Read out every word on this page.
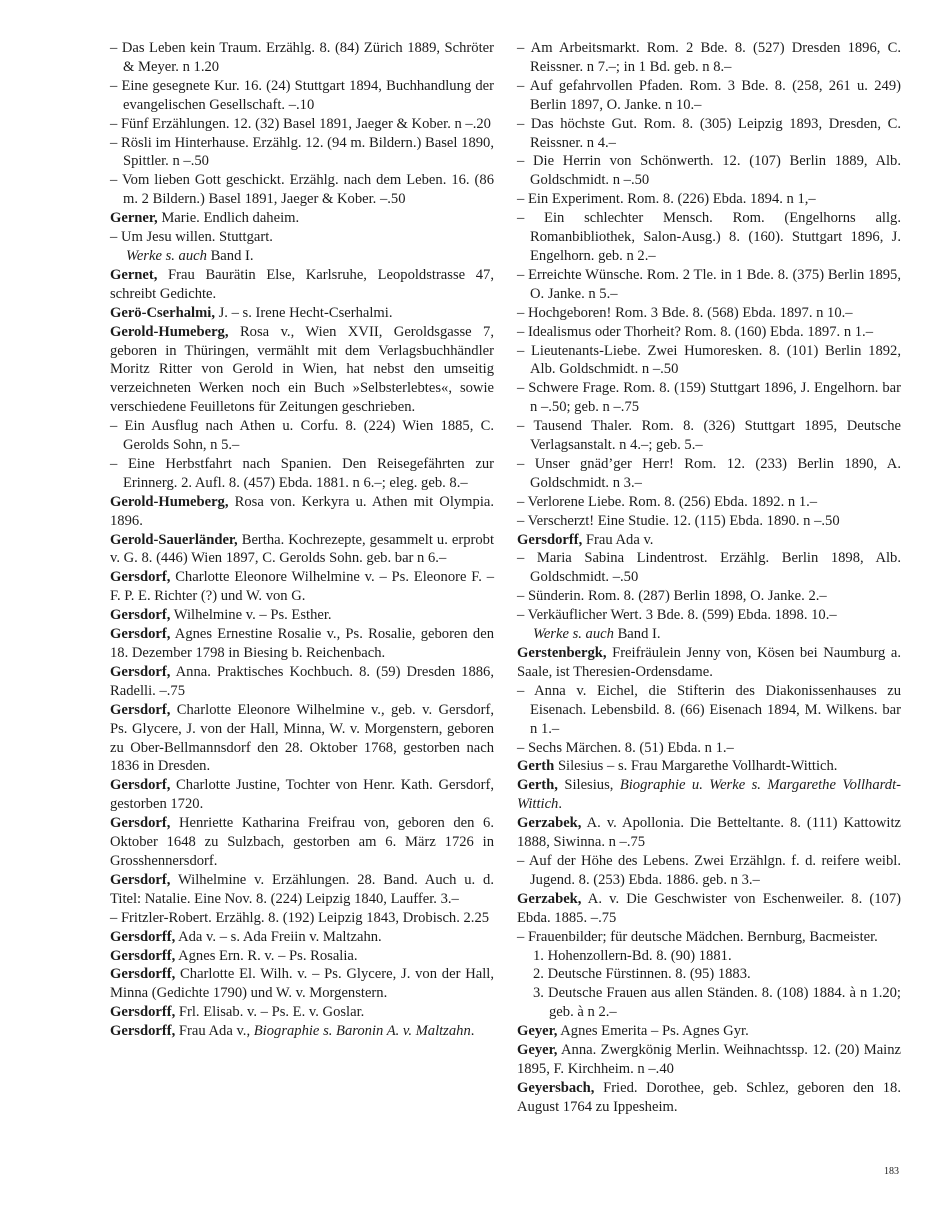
– Das Leben kein Traum. Erzählg. 8. (84) Zürich 1889, Schröter & Meyer. n 1.20

– Eine gesegnete Kur. 16. (24) Stuttgart 1894, Buchhandlung der evangelischen Gesellschaft. –.10

– Fünf Erzählungen. 12. (32) Basel 1891, Jaeger & Kober. n –.20

– Rösli im Hinterhause. Erzählg. 12. (94 m. Bildern.) Basel 1890, Spittler. n –.50

– Vom lieben Gott geschickt. Erzählg. nach dem Leben. 16. (86 m. 2 Bildern.) Basel 1891, Jaeger & Kober. –.50

Gerner, Marie. Endlich daheim.

– Um Jesu willen. Stuttgart.

Werke s. auch Band I.

Gernet, Frau Baurätin Else, Karlsruhe, Leopoldstrasse 47, schreibt Gedichte.

Gerö-Cserhalmi, J. – s. Irene Hecht-Cserhalmi.

Gerold-Humeberg, Rosa v., Wien XVII, Geroldsgasse 7, geboren in Thüringen, vermählt mit dem Verlagsbuchhändler Moritz Ritter von Gerold in Wien, hat nebst den umseitig verzeichneten Werken noch ein Buch »Selbsterlebtes«, sowie verschiedene Feuilletons für Zeitungen geschrieben.

– Ein Ausflug nach Athen u. Corfu. 8. (224) Wien 1885, C. Gerolds Sohn, n 5.–

– Eine Herbstfahrt nach Spanien. Den Reisegefährten zur Erinnerg. 2. Aufl. 8. (457) Ebda. 1881. n 6.–; eleg. geb. 8.–

Gerold-Humeberg, Rosa von. Kerkyra u. Athen mit Olympia. 1896.

Gerold-Sauerländer, Bertha. Kochrezepte, gesammelt u. erprobt v. G. 8. (446) Wien 1897, C. Gerolds Sohn. geb. bar n 6.–

Gersdorf, Charlotte Eleonore Wilhelmine v. – Ps. Eleonore F. – F. P. E. Richter (?) und W. von G.

Gersdorf, Wilhelmine v. – Ps. Esther.

Gersdorf, Agnes Ernestine Rosalie v., Ps. Rosalie, geboren den 18. Dezember 1798 in Biesing b. Reichenbach.

Gersdorf, Anna. Praktisches Kochbuch. 8. (59) Dresden 1886, Radelli. –.75

Gersdorf, Charlotte Eleonore Wilhelmine v., geb. v. Gersdorf, Ps. Glycere, J. von der Hall, Minna, W. v. Morgenstern, geboren zu Ober-Bellmannsdorf den 28. Oktober 1768, gestorben nach 1836 in Dresden.

Gersdorf, Charlotte Justine, Tochter von Henr. Kath. Gersdorf, gestorben 1720.

Gersdorf, Henriette Katharina Freifrau von, geboren den 6. Oktober 1648 zu Sulzbach, gestorben am 6. März 1726 in Grosshennersdorf.

Gersdorf, Wilhelmine v. Erzählungen. 28. Band. Auch u. d. Titel: Natalie. Eine Nov. 8. (224) Leipzig 1840, Lauffer. 3.–

– Fritzler-Robert. Erzählg. 8. (192) Leipzig 1843, Drobisch. 2.25

Gersdorff, Ada v. – s. Ada Freiin v. Maltzahn.

Gersdorff, Agnes Ern. R. v. – Ps. Rosalia.

Gersdorff, Charlotte El. Wilh. v. – Ps. Glycere, J. von der Hall, Minna (Gedichte 1790) und W. v. Morgenstern.

Gersdorff, Frl. Elisab. v. – Ps. E. v. Goslar.

Gersdorff, Frau Ada v., Biographie s. Baronin A. v. Maltzahn.

– Am Arbeitsmarkt. Rom. 2 Bde. 8. (527) Dresden 1896, C. Reissner. n 7.–; in 1 Bd. geb. n 8.–

– Auf gefahrvollen Pfaden. Rom. 3 Bde. 8. (258, 261 u. 249) Berlin 1897, O. Janke. n 10.–

– Das höchste Gut. Rom. 8. (305) Leipzig 1893, Dresden, C. Reissner. n 4.–

– Die Herrin von Schönwerth. 12. (107) Berlin 1889, Alb. Goldschmidt. n –.50

– Ein Experiment. Rom. 8. (226) Ebda. 1894. n 1,–

– Ein schlechter Mensch. Rom. (Engelhorns allg. Romanbibliothek, Salon-Ausg.) 8. (160). Stuttgart 1896, J. Engelhorn. geb. n 2.–

– Erreichte Wünsche. Rom. 2 Tle. in 1 Bde. 8. (375) Berlin 1895, O. Janke. n 5.–

– Hochgeboren! Rom. 3 Bde. 8. (568) Ebda. 1897. n 10.–

– Idealismus oder Thorheit? Rom. 8. (160) Ebda. 1897. n 1.–

– Lieutenants-Liebe. Zwei Humoresken. 8. (101) Berlin 1892, Alb. Goldschmidt. n –.50

– Schwere Frage. Rom. 8. (159) Stuttgart 1896, J. Engelhorn. bar n –.50; geb. n –.75

– Tausend Thaler. Rom. 8. (326) Stuttgart 1895, Deutsche Verlagsanstalt. n 4.–; geb. 5.–

– Unser gnäd’ger Herr! Rom. 12. (233) Berlin 1890, A. Goldschmidt. n 3.–

– Verlorene Liebe. Rom. 8. (256) Ebda. 1892. n 1.–

– Verscherzt! Eine Studie. 12. (115) Ebda. 1890. n –.50

Gersdorff, Frau Ada v.

– Maria Sabina Lindentrost. Erzählg. Berlin 1898, Alb. Goldschmidt. –.50

– Sünderin. Rom. 8. (287) Berlin 1898, O. Janke. 2.–

– Verkäuflicher Wert. 3 Bde. 8. (599) Ebda. 1898. 10.–

Werke s. auch Band I.

Gerstenbergk, Freifräulein Jenny von, Kösen bei Naumburg a. Saale, ist Theresien-Ordensdame.

– Anna v. Eichel, die Stifterin des Diakonissenhauses zu Eisenach. Lebensbild. 8. (66) Eisenach 1894, M. Wilkens. bar n 1.–

– Sechs Märchen. 8. (51) Ebda. n 1.–

Gerth Silesius – s. Frau Margarethe Vollhardt-Wittich.

Gerth, Silesius, Biographie u. Werke s. Margarethe Vollhardt-Wittich.

Gerzabek, A. v. Apollonia. Die Betteltante. 8. (111) Kattowitz 1888, Siwinna. n –.75

– Auf der Höhe des Lebens. Zwei Erzählgn. f. d. reifere weibl. Jugend. 8. (253) Ebda. 1886. geb. n 3.–

Gerzabek, A. v. Die Geschwister von Eschenweiler. 8. (107) Ebda. 1885. –.75

– Frauenbilder; für deutsche Mädchen. Bernburg, Bacmeister.

1. Hohenzollern-Bd. 8. (90) 1881.

2. Deutsche Fürstinnen. 8. (95) 1883.

3. Deutsche Frauen aus allen Ständen. 8. (108) 1884. à n 1.20; geb. à n 2.–

Geyer, Agnes Emerita – Ps. Agnes Gyr.

Geyer, Anna. Zwergkönig Merlin. Weihnachtssp. 12. (20) Mainz 1895, F. Kirchheim. n –.40

Geyersbach, Fried. Dorothee, geb. Schlez, geboren den 18. August 1764 zu Ippesheim.

183
